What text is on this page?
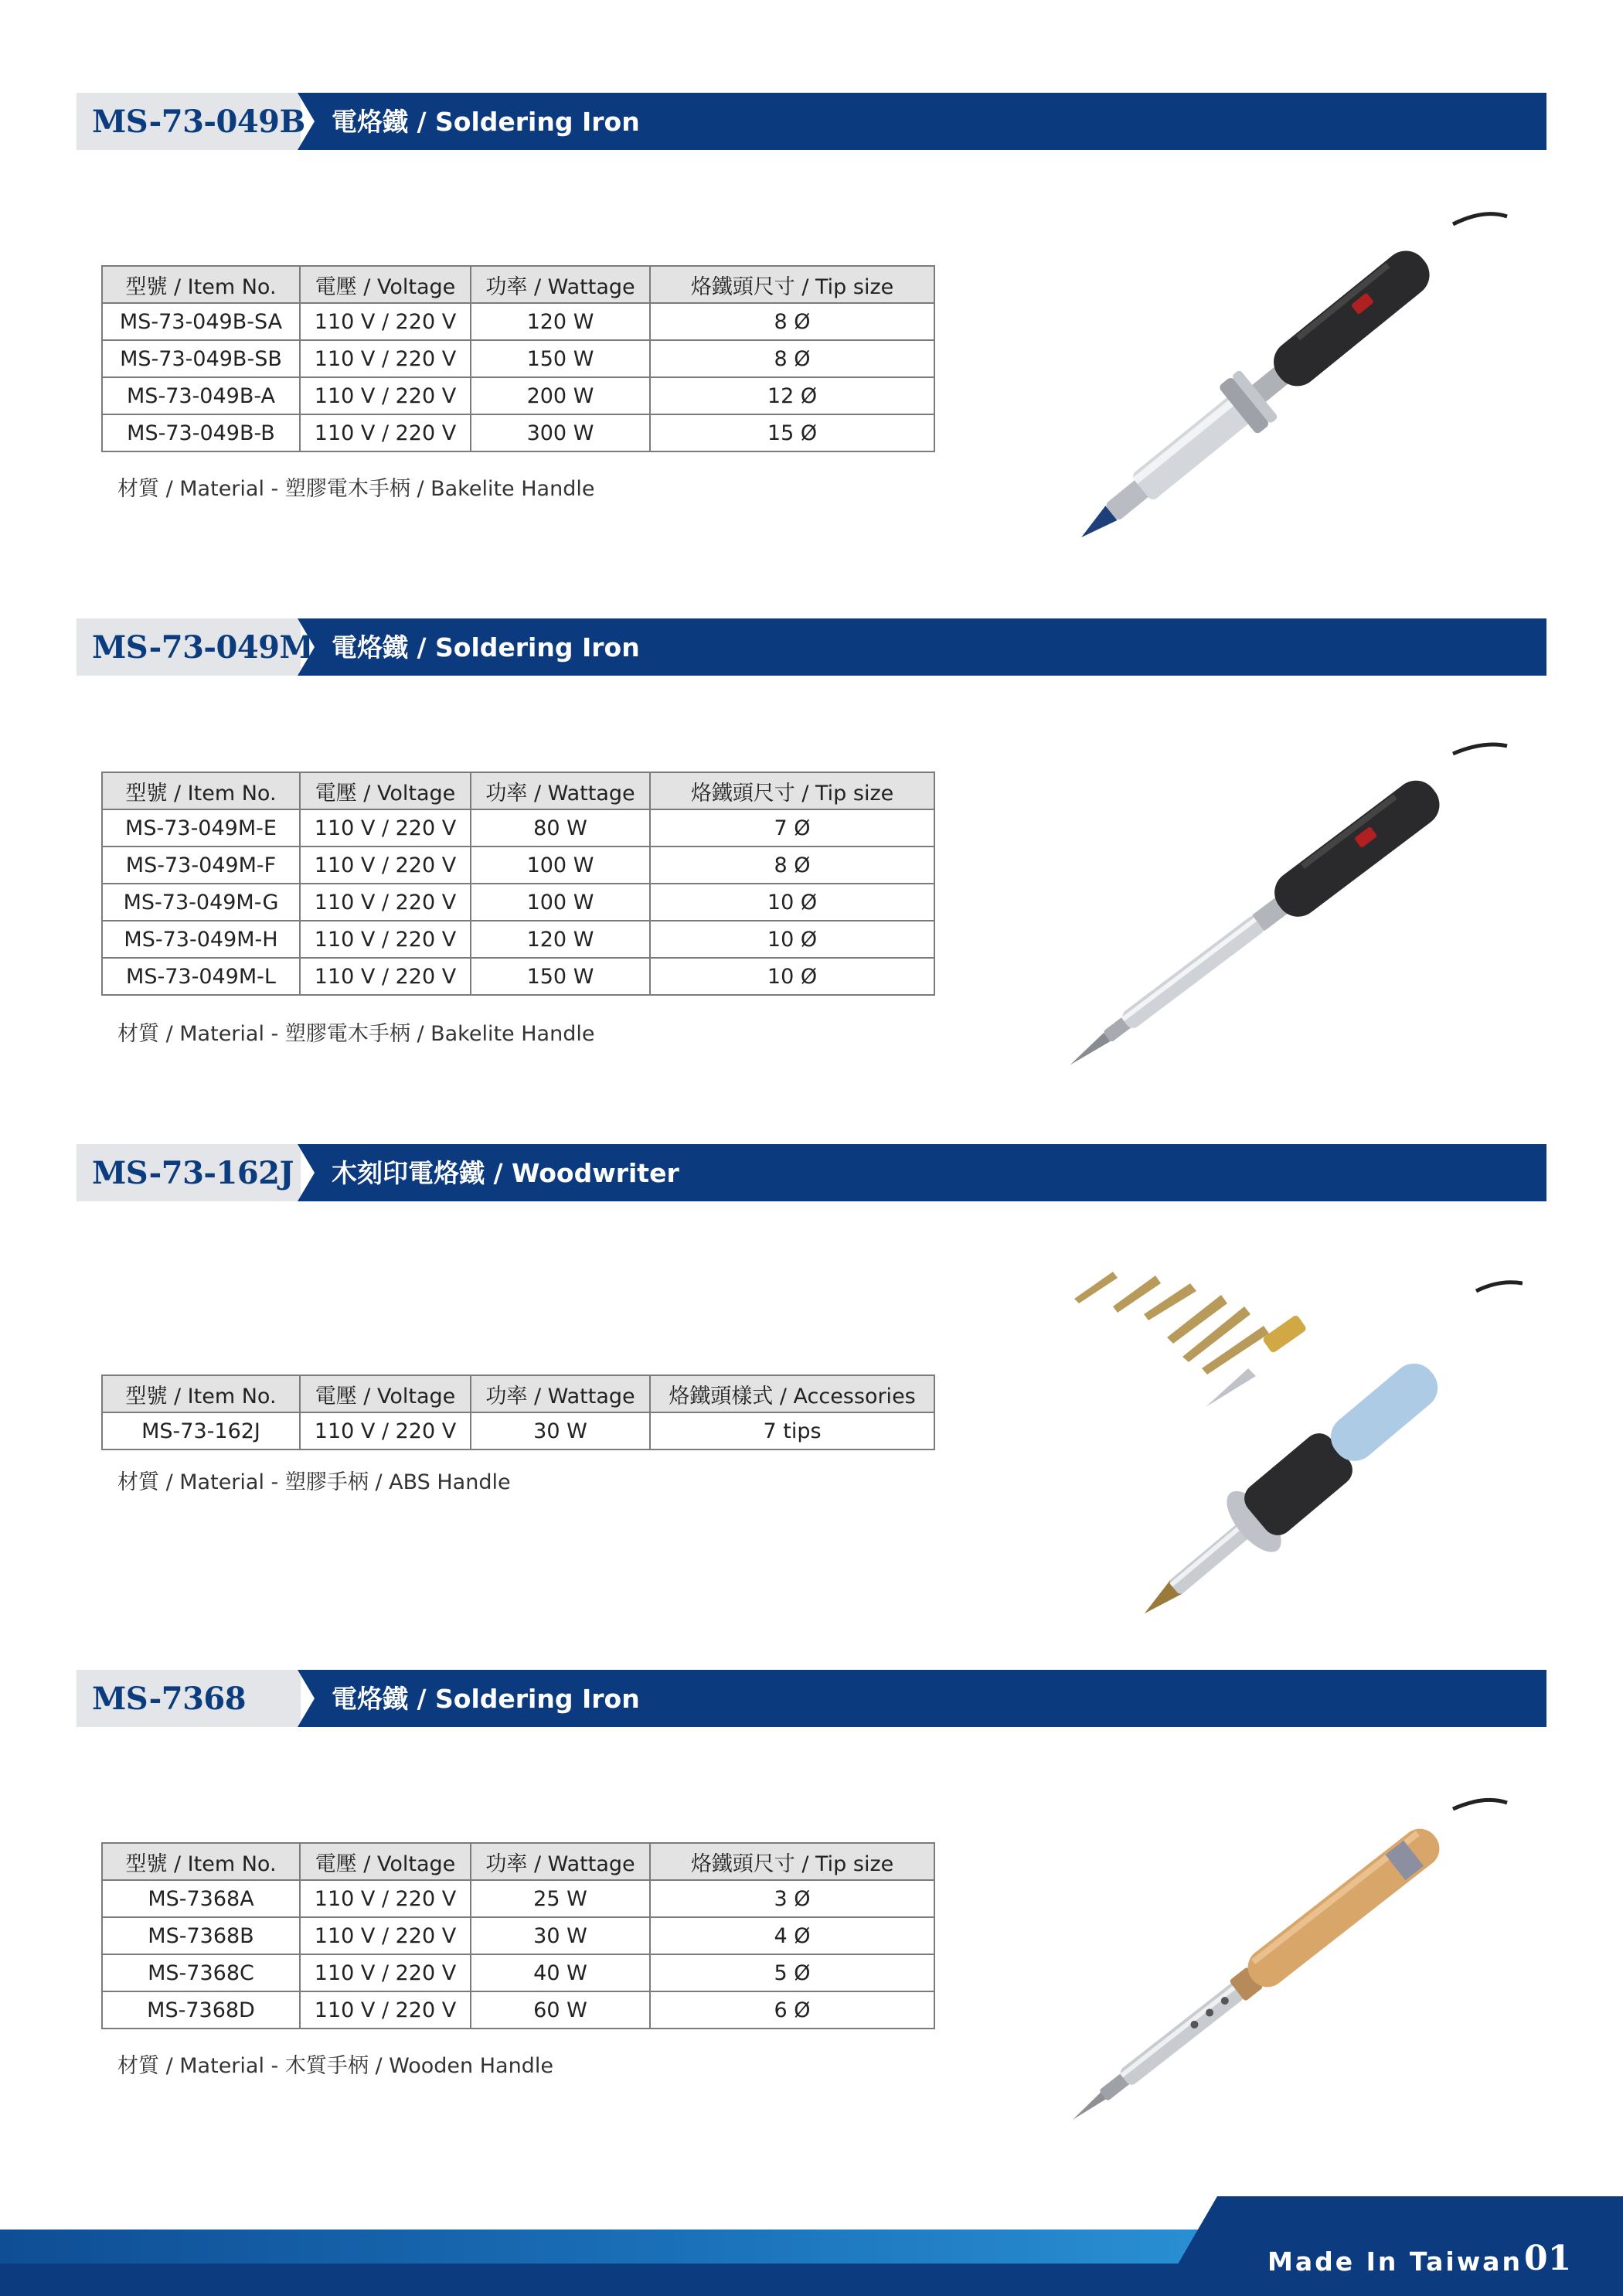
MS-73-049B 電烙鐵 / Soldering Iron
型號 / Item No.	電壓 / Voltage	功率 / Wattage	烙鐵頭尺寸 / Tip size
MS-73-049B-SA	110 V / 220 V	120 W	8 Ø
MS-73-049B-SB	110 V / 220 V	150 W	8 Ø
MS-73-049B-A	110 V / 220 V	200 W	12 Ø
MS-73-049B-B	110 V / 220 V	300 W	15 Ø
材質 / Material - 塑膠電木手柄 / Bakelite Handle
MS-73-049M 電烙鐵 / Soldering Iron
型號 / Item No.	電壓 / Voltage	功率 / Wattage	烙鐵頭尺寸 / Tip size
MS-73-049M-E	110 V / 220 V	80 W	7 Ø
MS-73-049M-F	110 V / 220 V	100 W	8 Ø
MS-73-049M-G	110 V / 220 V	100 W	10 Ø
MS-73-049M-H	110 V / 220 V	120 W	10 Ø
MS-73-049M-L	110 V / 220 V	150 W	10 Ø
材質 / Material - 塑膠電木手柄 / Bakelite Handle
MS-73-162J 木刻印電烙鐵 / Woodwriter
型號 / Item No.	電壓 / Voltage	功率 / Wattage	烙鐵頭樣式 / Accessories
MS-73-162J	110 V / 220 V	30 W	7 tips
材質 / Material - 塑膠手柄 / ABS Handle
MS-7368	電烙鐵 / Soldering Iron
型號 / Item No.	電壓 / Voltage	功率 / Wattage	烙鐵頭尺寸 / Tip size
MS-7368A	110 V / 220 V	25 W	3 Ø
MS-7368B	110 V / 220 V	30 W	4 Ø
MS-7368C	110 V / 220 V	40 W	5 Ø
MS-7368D	110 V / 220 V	60 W	6 Ø
材質 / Material - 木質手柄 / Wooden Handle
Made In Taiwan 01
